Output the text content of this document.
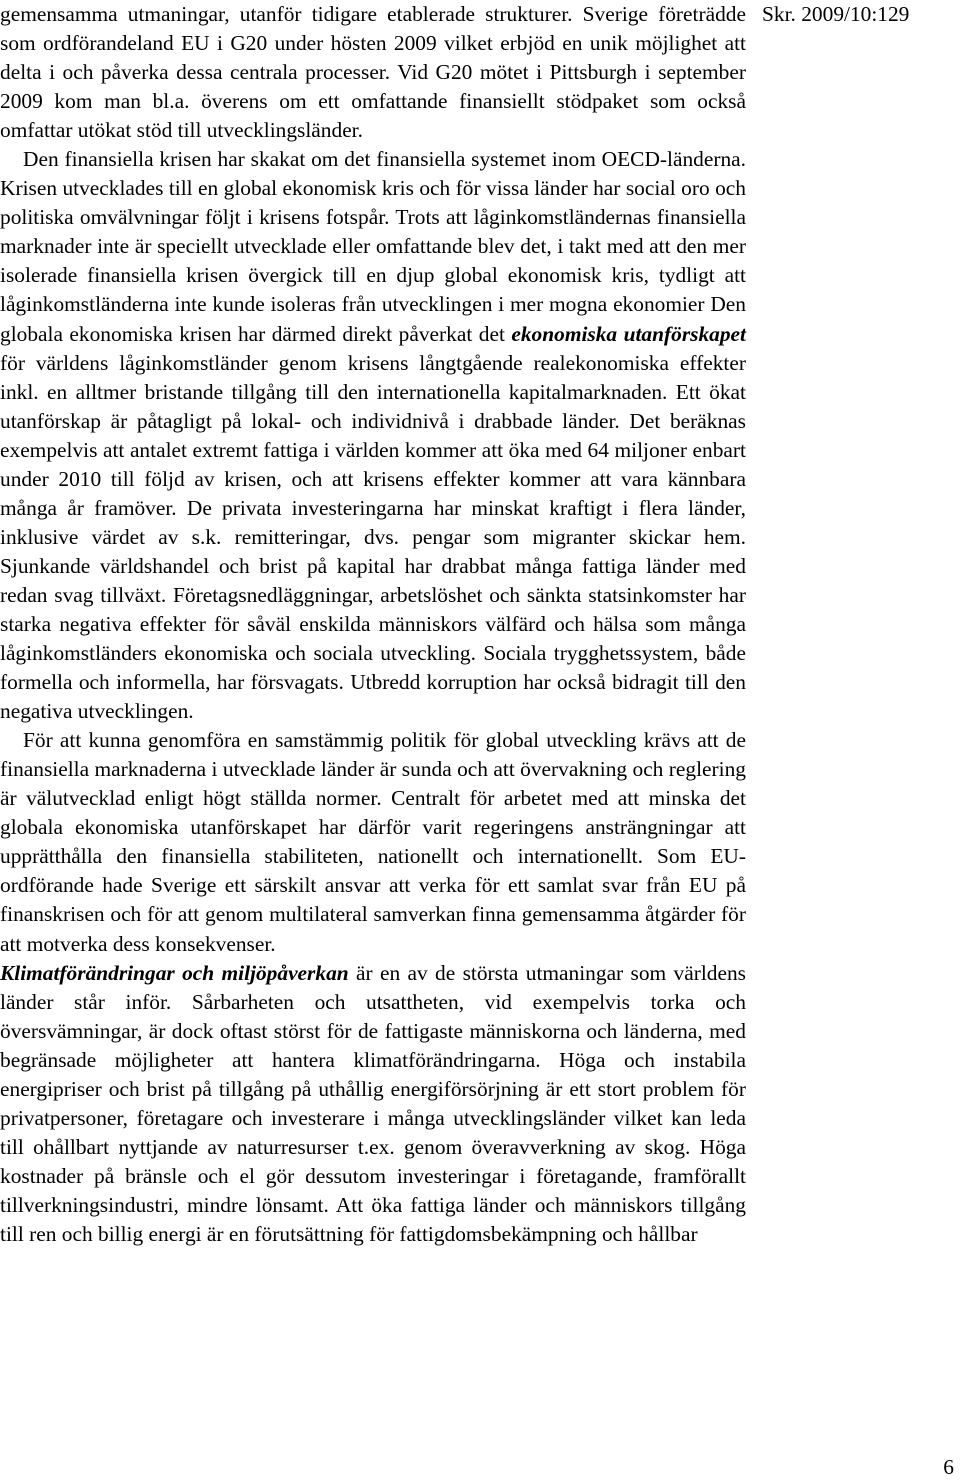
gemensamma utmaningar, utanför tidigare etablerade strukturer. Sverige företrädde som ordförandeland EU i G20 under hösten 2009 vilket erbjöd en unik möjlighet att delta i och påverka dessa centrala processer. Vid G20 mötet i Pittsburgh i september 2009 kom man bl.a. överens om ett omfattande finansiellt stödpaket som också omfattar utökat stöd till utvecklingsländer.

Den finansiella krisen har skakat om det finansiella systemet inom OECD-länderna. Krisen utvecklades till en global ekonomisk kris och för vissa länder har social oro och politiska omvälvningar följt i krisens fotspår. Trots att låginkomstländernas finansiella marknader inte är speciellt utvecklade eller omfattande blev det, i takt med att den mer isolerade finansiella krisen övergick till en djup global ekonomisk kris, tydligt att låginkomstländerna inte kunde isoleras från utvecklingen i mer mogna ekonomier Den globala ekonomiska krisen har därmed direkt påverkat det ekonomiska utanförskapet för världens låginkomstländer genom krisens långtgående realekonomiska effekter inkl. en alltmer bristande tillgång till den internationella kapitalmarknaden. Ett ökat utanförskap är påtagligt på lokal- och individnivå i drabbade länder. Det beräknas exempelvis att antalet extremt fattiga i världen kommer att öka med 64 miljoner enbart under 2010 till följd av krisen, och att krisens effekter kommer att vara kännbara många år framöver. De privata investeringarna har minskat kraftigt i flera länder, inklusive värdet av s.k. remitteringar, dvs. pengar som migranter skickar hem. Sjunkande världshandel och brist på kapital har drabbat många fattiga länder med redan svag tillväxt. Företagsnedläggningar, arbetslöshet och sänkta statsinkomster har starka negativa effekter för såväl enskilda människors välfärd och hälsa som många låginkomstländers ekonomiska och sociala utveckling. Sociala trygghetssystem, både formella och informella, har försvagats. Utbredd korruption har också bidragit till den negativa utvecklingen.

För att kunna genomföra en samstämmig politik för global utveckling krävs att de finansiella marknaderna i utvecklade länder är sunda och att övervakning och reglering är välutvecklad enligt högt ställda normer. Centralt för arbetet med att minska det globala ekonomiska utanförskapet har därför varit regeringens ansträngningar att upprätthålla den finansiella stabiliteten, nationellt och internationellt. Som EU-ordförande hade Sverige ett särskilt ansvar att verka för ett samlat svar från EU på finanskrisen och för att genom multilateral samverkan finna gemensamma åtgärder för att motverka dess konsekvenser.

Klimatförändringar och miljöpåverkan är en av de största utmaningar som världens länder står inför. Sårbarheten och utsattheten, vid exempelvis torka och översvämningar, är dock oftast störst för de fattigaste människorna och länderna, med begränsade möjligheter att hantera klimatförändringarna. Höga och instabila energipriser och brist på tillgång på uthållig energiförsörjning är ett stort problem för privatpersoner, företagare och investerare i många utvecklingsländer vilket kan leda till ohållbart nyttjande av naturresurser t.ex. genom överavverkning av skog. Höga kostnader på bränsle och el gör dessutom investeringar i företagande, framförallt tillverkningsindustri, mindre lönsamt. Att öka fattiga länder och människors tillgång till ren och billig energi är en förutsättning för fattigdomsbekämpning och hållbar

Skr. 2009/10:129
6
